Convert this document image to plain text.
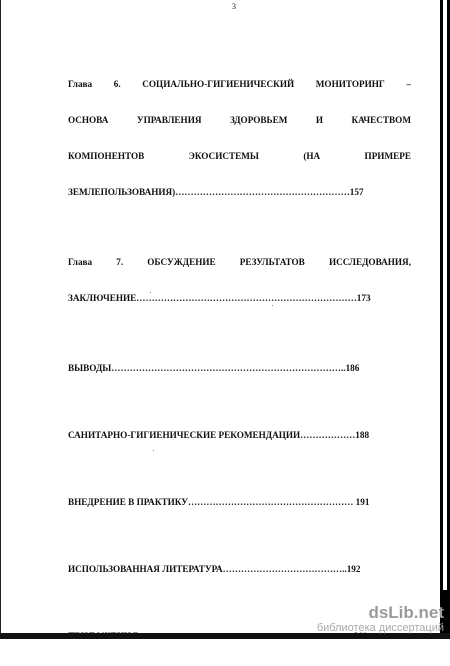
3

Глава 6. СОЦИАЛЬНО-ГИГИЕНИЧЕСКИЙ МОНИТОРИНГ –

ОСНОВА УПРАВЛЕНИЯ ЗДОРОВЬЕМ И КАЧЕСТВОМ

КОМПОНЕНТОВ ЭКОСИСТЕМЫ (НА ПРИМЕРЕ

ЗЕМЛЕПОЛЬЗОВАНИЯ)…………………………………………………157

Глава 7. ОБСУЖДЕНИЕ РЕЗУЛЬТАТОВ ИССЛЕДОВАНИЯ,

ЗАКЛЮЧЕНИЕ………………………………………………………………173

ВЫВОДЫ…………………………………………………………………..186

САНИТАРНО-ГИГИЕНИЧЕСКИЕ РЕКОМЕНДАЦИИ………………188

ВНЕДРЕНИЕ В ПРАКТИКУ……………………………………………… 191

ИСПОЛЬЗОВАННАЯ ЛИТЕРАТУРА…………………………………..192

ПРИЛОЖЕНИЯ……………………………………………………………..211

dsLib.net
библиотека диссертаций
